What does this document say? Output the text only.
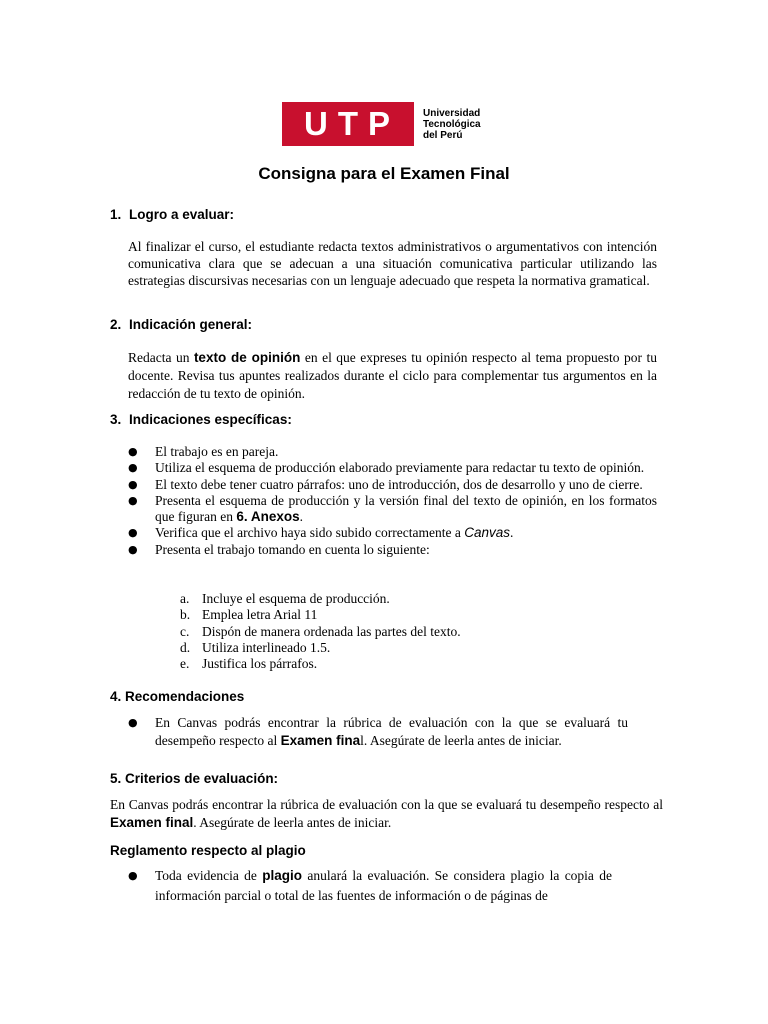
UTP Universidad
Tecnológica
del Perú
Consigna para el Examen Final
1. Logro a evaluar:
Al finalizar el curso, el estudiante redacta textos administrativos o argumentativos con intención comunicativa clara que se adecuan a una situación comunicativa particular utilizando las estrategias discursivas necesarias con un lenguaje adecuado que respeta la normativa gramatical.
2. Indicación general:
Redacta un texto de opinión en el que expreses tu opinión respecto al tema propuesto por tu docente. Revisa tus apuntes realizados durante el ciclo para complementar tus argumentos en la redacción de tu texto de opinión.
3. Indicaciones específicas:
● El trabajo es en pareja.
● Utiliza el esquema de producción elaborado previamente para redactar tu texto de opinión.
● El texto debe tener cuatro párrafos: uno de introducción, dos de desarrollo y uno de cierre.
● Presenta el esquema de producción y la versión final del texto de opinión, en los formatos que figuran en 6. Anexos.
● Verifica que el archivo haya sido subido correctamente a Canvas.
● Presenta el trabajo tomando en cuenta lo siguiente:
a. Incluye el esquema de producción.
b. Emplea letra Arial 11
c. Dispón de manera ordenada las partes del texto.
d. Utiliza interlineado 1.5.
e. Justifica los párrafos.
4. Recomendaciones
● En Canvas podrás encontrar la rúbrica de evaluación con la que se evaluará tu desempeño respecto al Examen final. Asegúrate de leerla antes de iniciar.
5. Criterios de evaluación:
En Canvas podrás encontrar la rúbrica de evaluación con la que se evaluará tu desempeño respecto al Examen final. Asegúrate de leerla antes de iniciar.
Reglamento respecto al plagio
● Toda evidencia de plagio anulará la evaluación. Se considera plagio la copia de información parcial o total de las fuentes de información o de páginas de
